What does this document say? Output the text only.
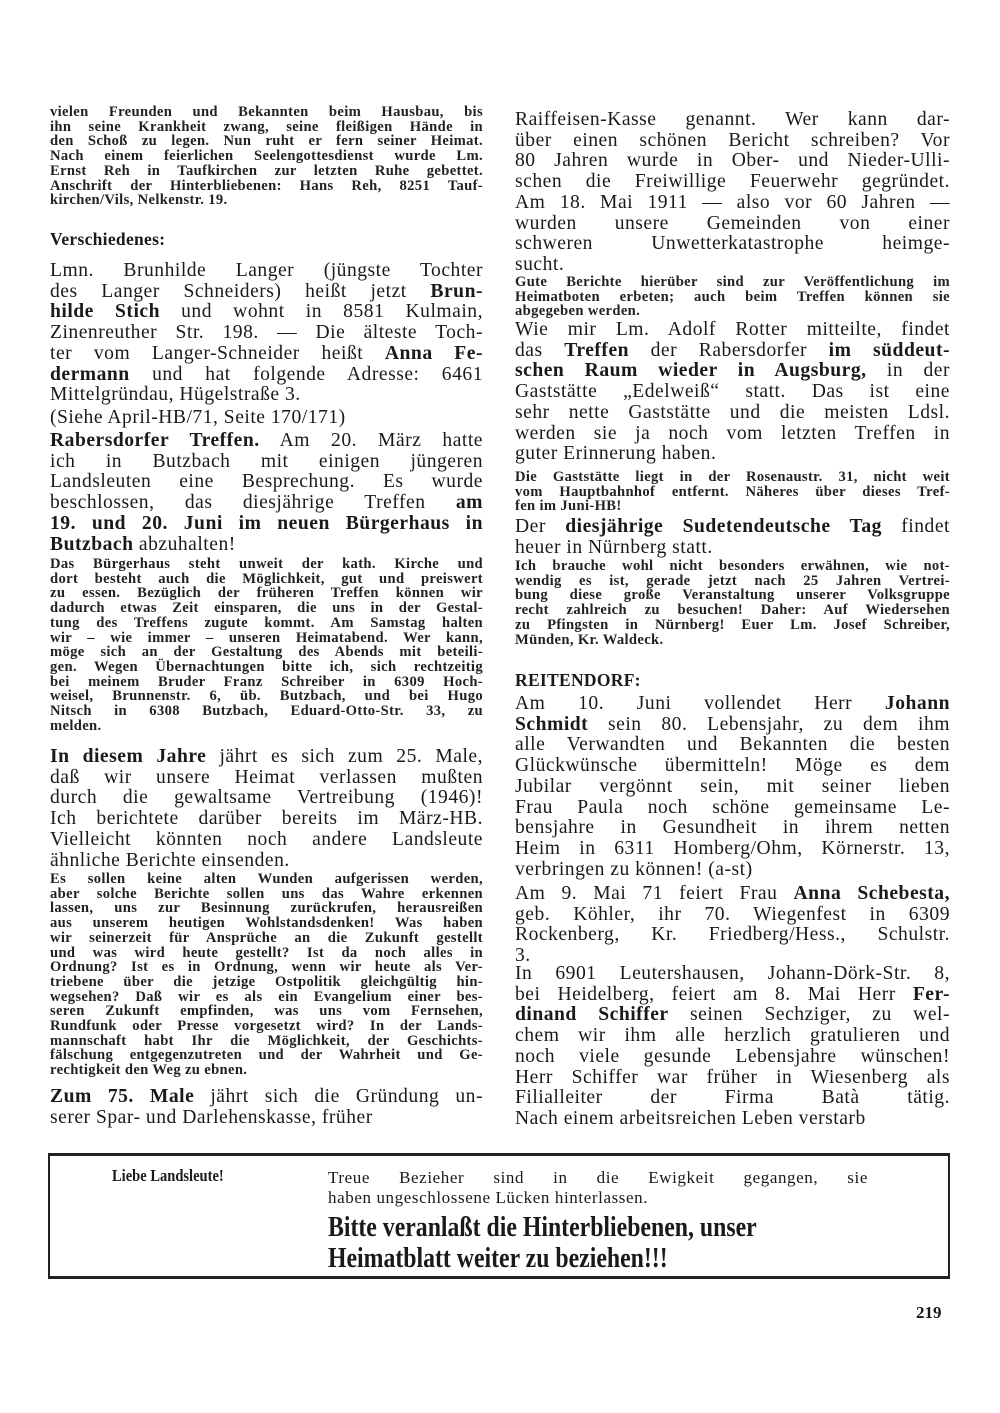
vielen Freunden und Bekannten beim Hausbau, bis
ihn seine Krankheit zwang, seine fleißigen Hände in
den Schoß zu legen. Nun ruht er fern seiner Heimat.
Nach einem feierlichen Seelengottesdienst wurde Lm.
Ernst Reh in Taufkirchen zur letzten Ruhe gebettet.
Anschrift der Hinterbliebenen: Hans Reh, 8251 Tauf-
kirchen/Vils, Nelkenstr. 19.
Verschiedenes:
Lmn. Brunhilde Langer (jüngste Tochter
des Langer Schneiders) heißt jetzt Brun-
hilde Stich und wohnt in 8581 Kulmain,
Zinenreuther Str. 198. — Die älteste Toch-
ter vom Langer-Schneider heißt Anna Fe-
dermann und hat folgende Adresse: 6461
Mittelgründau, Hügelstraße 3.
(Siehe April-HB/71, Seite 170/171)
Rabersdorfer Treffen. Am 20. März hatte
ich in Butzbach mit einigen jüngeren
Landsleuten eine Besprechung. Es wurde
beschlossen, das diesjährige Treffen am
19. und 20. Juni im neuen Bürgerhaus in
Butzbach abzuhalten!
Das Bürgerhaus steht unweit der kath. Kirche und
dort besteht auch die Möglichkeit, gut und preiswert
zu essen. Bezüglich der früheren Treffen können wir
dadurch etwas Zeit einsparen, die uns in der Gestal-
tung des Treffens zugute kommt. Am Samstag halten
wir – wie immer – unseren Heimatabend. Wer kann,
möge sich an der Gestaltung des Abends mit beteili-
gen. Wegen Übernachtungen bitte ich, sich rechtzeitig
bei meinem Bruder Franz Schreiber in 6309 Hoch-
weisel, Brunnenstr. 6, üb. Butzbach, und bei Hugo
Nitsch in 6308 Butzbach, Eduard-Otto-Str. 33, zu
melden.
In diesem Jahre jährt es sich zum 25. Male,
daß wir unsere Heimat verlassen mußten
durch die gewaltsame Vertreibung (1946)!
Ich berichtete darüber bereits im März-HB.
Vielleicht könnten noch andere Landsleute
ähnliche Berichte einsenden.
Es sollen keine alten Wunden aufgerissen werden,
aber solche Berichte sollen uns das Wahre erkennen
lassen, uns zur Besinnung zurückrufen, herausreißen
aus unserem heutigen Wohlstandsdenken! Was haben
wir seinerzeit für Ansprüche an die Zukunft gestellt
und was wird heute gestellt? Ist da noch alles in
Ordnung? Ist es in Ordnung, wenn wir heute als Ver-
triebene über die jetzige Ostpolitik gleichgültig hin-
wegsehen? Daß wir es als ein Evangelium einer bes-
seren Zukunft empfinden, was uns vom Fernsehen,
Rundfunk oder Presse vorgesetzt wird? In der Lands-
mannschaft habt Ihr die Möglichkeit, der Geschichts-
fälschung entgegenzutreten und der Wahrheit und Ge-
rechtigkeit den Weg zu ebnen.
Zum 75. Male jährt sich die Gründung un-
serer Spar- und Darlehenskasse, früher
Raiffeisen-Kasse genannt. Wer kann dar-
über einen schönen Bericht schreiben? Vor
80 Jahren wurde in Ober- und Nieder-Ulli-
schen die Freiwillige Feuerwehr gegründet.
Am 18. Mai 1911 — also vor 60 Jahren —
wurden unsere Gemeinden von einer
schweren Unwetterkatastrophe heimge-
sucht.
Gute Berichte hierüber sind zur Veröffentlichung im
Heimatboten erbeten; auch beim Treffen können sie
abgegeben werden.
Wie mir Lm. Adolf Rotter mitteilte, findet
das Treffen der Rabersdorfer im süddeut-
schen Raum wieder in Augsburg, in der
Gaststätte „Edelweiß“ statt. Das ist eine
sehr nette Gaststätte und die meisten Ldsl.
werden sie ja noch vom letzten Treffen in
guter Erinnerung haben.
Die Gaststätte liegt in der Rosenaustr. 31, nicht weit
vom Hauptbahnhof entfernt. Näheres über dieses Tref-
fen im Juni-HB!
Der diesjährige Sudetendeutsche Tag findet
heuer in Nürnberg statt.
Ich brauche wohl nicht besonders erwähnen, wie not-
wendig es ist, gerade jetzt nach 25 Jahren Vertrei-
bung diese große Veranstaltung unserer Volksgruppe
recht zahlreich zu besuchen! Daher: Auf Wiedersehen
zu Pfingsten in Nürnberg! Euer Lm. Josef Schreiber,
Münden, Kr. Waldeck.
REITENDORF:
Am 10. Juni vollendet Herr Johann
Schmidt sein 80. Lebensjahr, zu dem ihm
alle Verwandten und Bekannten die besten
Glückwünsche übermitteln! Möge es dem
Jubilar vergönnt sein, mit seiner lieben
Frau Paula noch schöne gemeinsame Le-
bensjahre in Gesundheit in ihrem netten
Heim in 6311 Homberg/Ohm, Körnerstr. 13,
verbringen zu können! (a-st)
Am 9. Mai 71 feiert Frau Anna Schebesta,
geb. Köhler, ihr 70. Wiegenfest in 6309
Rockenberg, Kr. Friedberg/Hess., Schulstr.
3.
In 6901 Leutershausen, Johann-Dörk-Str. 8,
bei Heidelberg, feiert am 8. Mai Herr Fer-
dinand Schiffer seinen Sechziger, zu wel-
chem wir ihm alle herzlich gratulieren und
noch viele gesunde Lebensjahre wünschen!
Herr Schiffer war früher in Wiesenberg als
Filialleiter der Firma Batà tätig.
Nach einem arbeitsreichen Leben verstarb
Liebe Landsleute!	Treue Bezieher sind in die Ewigkeit gegangen, sie
haben ungeschlossene Lücken hinterlassen.
Bitte veranlaßt die Hinterbliebenen, unser
Heimatblatt weiter zu beziehen!!!
219
